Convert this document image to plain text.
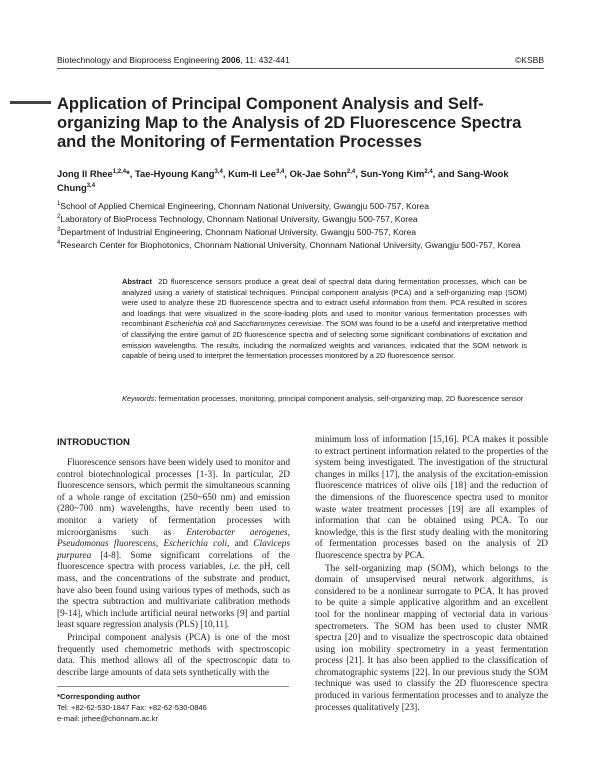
Biotechnology and Bioprocess Engineering 2006, 11: 432-441	©KSBB
Application of Principal Component Analysis and Self-organizing Map to the Analysis of 2D Fluorescence Spectra and the Monitoring of Fermentation Processes
Jong Il Rhee$^{1,2,4}$*, Tae-Hyoung Kang$^{3,4}$, Kum-Il Lee$^{3,4}$, Ok-Jae Sohn$^{2,4}$, Sun-Yong Kim$^{2,4}$, and Sang-Wook Chung$^{3,4}$

$^1$School of Applied Chemical Engineering, Chonnam National University, Gwangju 500-757, Korea

$^2$Laboratory of BioProcess Technology, Chonnam National University, Gwangju 500-757, Korea

$^3$Department of Industrial Engineering, Chonnam National University, Gwangju 500-757, Korea

$^4$Research Center for Biophotonics, Chonnam National University, Chonnam National University, Gwangju 500-757, Korea

Abstract 2D fluorescence sensors produce a great deal of spectral data during fermentation processes, which can be analyzed using a variety of statistical techniques. Principal component analysis (PCA) and a self-organizing map (SOM) were used to analyze these 2D fluorescence spectra and to extract useful information from them. PCA resulted in scores and loadings that were visualized in the score-loading plots and used to monitor various fermentation processes with recombinant Escherichia coli and Saccharomyces cerevisiae. The SOM was found to be a useful and interpretative method of classifying the entire gamut of 2D fluorescence spectra and of selecting some significant combinations of excitation and emission wavelengths. The results, including the normalized weights and variances, indicated that the SOM network is capable of being used to interpret the fermentation processes monitored by a 2D fluorescence sensor.
Keywords: fermentation processes, monitoring, principal component analysis, self-organizing map, 2D fluorescence sensor
INTRODUCTION

Fluorescence sensors have been widely used to monitor and control biotechnological processes [1-3]. In particular, 2D fluorescence sensors, which permit the simultaneous scanning of a whole range of excitation (250~650 nm) and emission (280~700 nm) wavelengths, have recently been used to monitor a variety of fermentation processes with microorganisms such as Enterobacter aerogenes, Pseudomonas fluorescens, Escherichia coli, and Claviceps purpurea [4-8]. Some significant correlations of the fluorescence spectra with process variables, i.e. the pH, cell mass, and the concentrations of the substrate and product, have also been found using various types of methods, such as the spectra subtraction and multivariate calibration methods [9-14], which include artificial neural networks [9] and partial least square regression analysis (PLS) [10,11].

Principal component analysis (PCA) is one of the most frequently used chemometric methods with spectroscopic data. This method allows all of the spectroscopic data to describe large amounts of data sets synthetically with the

minimum loss of information [15,16]. PCA makes it possible to extract pertinent information related to the properties of the system being investigated. The investigation of the structural changes in milks [17], the analysis of the excitation-emission fluorescence matrices of olive oils [18] and the reduction of the dimensions of the fluorescence spectra used to monitor waste water treatment processes [19] are all examples of information that can be obtained using PCA. To our knowledge, this is the first study dealing with the monitoring of fermentation processes based on the analysis of 2D fluorescence spectra by PCA.

The self-organizing map (SOM), which belongs to the domain of unsupervised neural network algorithms, is considered to be a nonlinear surrogate to PCA. It has proved to be quite a simple applicative algorithm and an excellent tool for the nonlinear mapping of vectorial data in various spectrometers. The SOM has been used to cluster NMR spectra [20] and to visualize the spectroscopic data obtained using ion mobility spectrometry in a yeast fermentation process [21]. It has also been applied to the classification of chromatographic systems [22]. In our previous study the SOM technique was used to classify the 2D fluorescence spectra produced in various fermentation processes and to analyze the processes qualitatively [23].

*Corresponding author
Tel: +82-62-530-1847 Fax: +82-62-530-0846
e-mail: jirhee@chonnam.ac.kr
